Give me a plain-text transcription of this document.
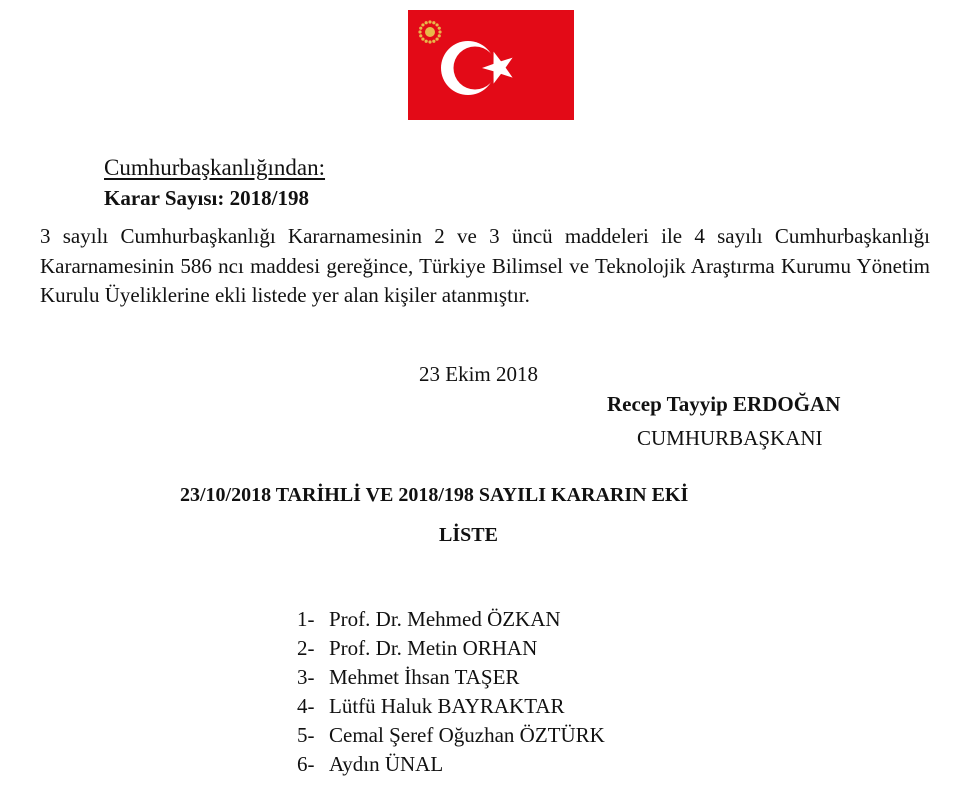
Cumhurbaşkanlığından:
Karar Sayısı: 2018/198

3 sayılı Cumhurbaşkanlığı Kararnamesinin 2 ve 3 üncü maddeleri ile 4 sayılı Cumhurbaşkanlığı Kararnamesinin 586 ncı maddesi gereğince, Türkiye Bilimsel ve Teknolojik Araştırma Kurumu Yönetim Kurulu Üyeliklerine ekli listede yer alan kişiler atanmıştır.

23 Ekim 2018
Recep Tayyip ERDOĞAN
CUMHURBAŞKANI
23/10/2018 TARİHLİ VE 2018/198 SAYILI KARARIN EKİ
LİSTE
1- Prof. Dr. Mehmed ÖZKAN
2- Prof. Dr. Metin ORHAN
3- Mehmet İhsan TAŞER
4- Lütfü Haluk BAYRAKTAR
5- Cemal Şeref Oğuzhan ÖZTÜRK
6- Aydın ÜNAL
